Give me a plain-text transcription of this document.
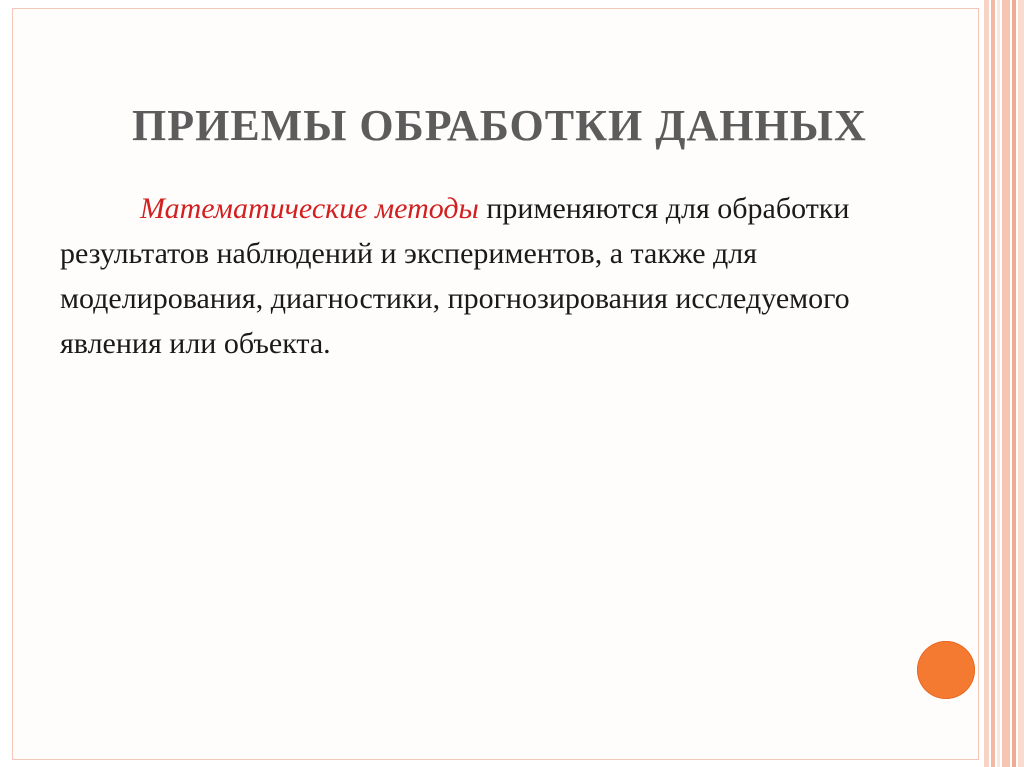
ПРИЕМЫ ОБРАБОТКИ ДАННЫХ

Математические методы применяются для обработки результатов наблюдений и экспериментов, а также для моделирования, диагностики, прогнозирования исследуемого явления или объекта.
